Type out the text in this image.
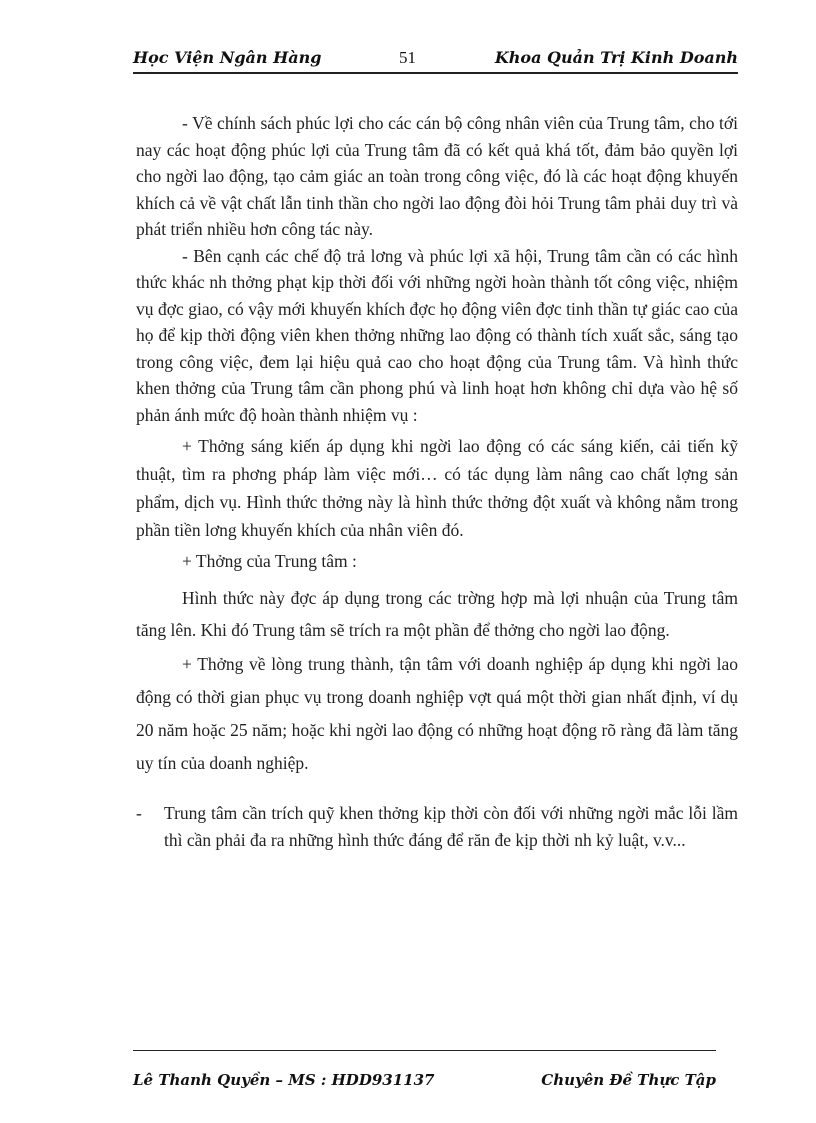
Học Viện Ngân Hàng	51	Khoa Quản Trị Kinh Doanh

- Về chính sách phúc lợi cho các cán bộ công nhân viên của Trung tâm, cho tới nay các hoạt động phúc lợi của Trung tâm đã có kết quả khá tốt, đảm bảo quyền lợi cho ngời lao động, tạo cảm giác an toàn trong công việc, đó là các hoạt động khuyến khích cả về vật chất lẫn tinh thần cho ngời lao động đòi hỏi Trung tâm phải duy trì và phát triển nhiều hơn công tác này.

- Bên cạnh các chế độ trả lơng và phúc lợi xã hội, Trung tâm cần có các hình thức khác nh thởng phạt kịp thời đối với những ngời hoàn thành tốt công việc, nhiệm vụ đợc giao, có vậy mới khuyến khích đợc họ động viên đợc tinh thần tự giác cao của họ để kịp thời động viên khen thởng những lao động có thành tích xuất sắc, sáng tạo trong công việc, đem lại hiệu quả cao cho hoạt động của Trung tâm. Và hình thức khen thởng của Trung tâm cần phong phú và linh hoạt hơn không chỉ dựa vào hệ số phản ánh mức độ hoàn thành nhiệm vụ :

+ Thởng sáng kiến áp dụng khi ngời lao động có các sáng kiến, cải tiến kỹ thuật, tìm ra phơng pháp làm việc mới… có tác dụng làm nâng cao chất lợng sản phẩm, dịch vụ. Hình thức thởng này là hình thức thởng đột xuất và không nằm trong phần tiền lơng khuyến khích của nhân viên đó.

+ Thởng của Trung tâm :

Hình thức này đợc áp dụng trong các trờng hợp mà lợi nhuận của Trung tâm tăng lên. Khi đó Trung tâm sẽ trích ra một phần để thởng cho ngời lao động.

+ Thởng về lòng trung thành, tận tâm với doanh nghiệp áp dụng khi ngời lao động có thời gian phục vụ trong doanh nghiệp vợt quá một thời gian nhất định, ví dụ 20 năm hoặc 25 năm; hoặc khi ngời lao động có những hoạt động rõ ràng đã làm tăng uy tín của doanh nghiệp.

- Trung tâm cần trích quỹ khen thởng kịp thời còn đối với những ngời mắc lỗi lầm thì cần phải đa ra những hình thức đáng để răn đe kịp thời nh kỷ luật, v.v...
Lê Thanh Quyền – MS : HDD931137	Chuyên Đề Thực Tập
